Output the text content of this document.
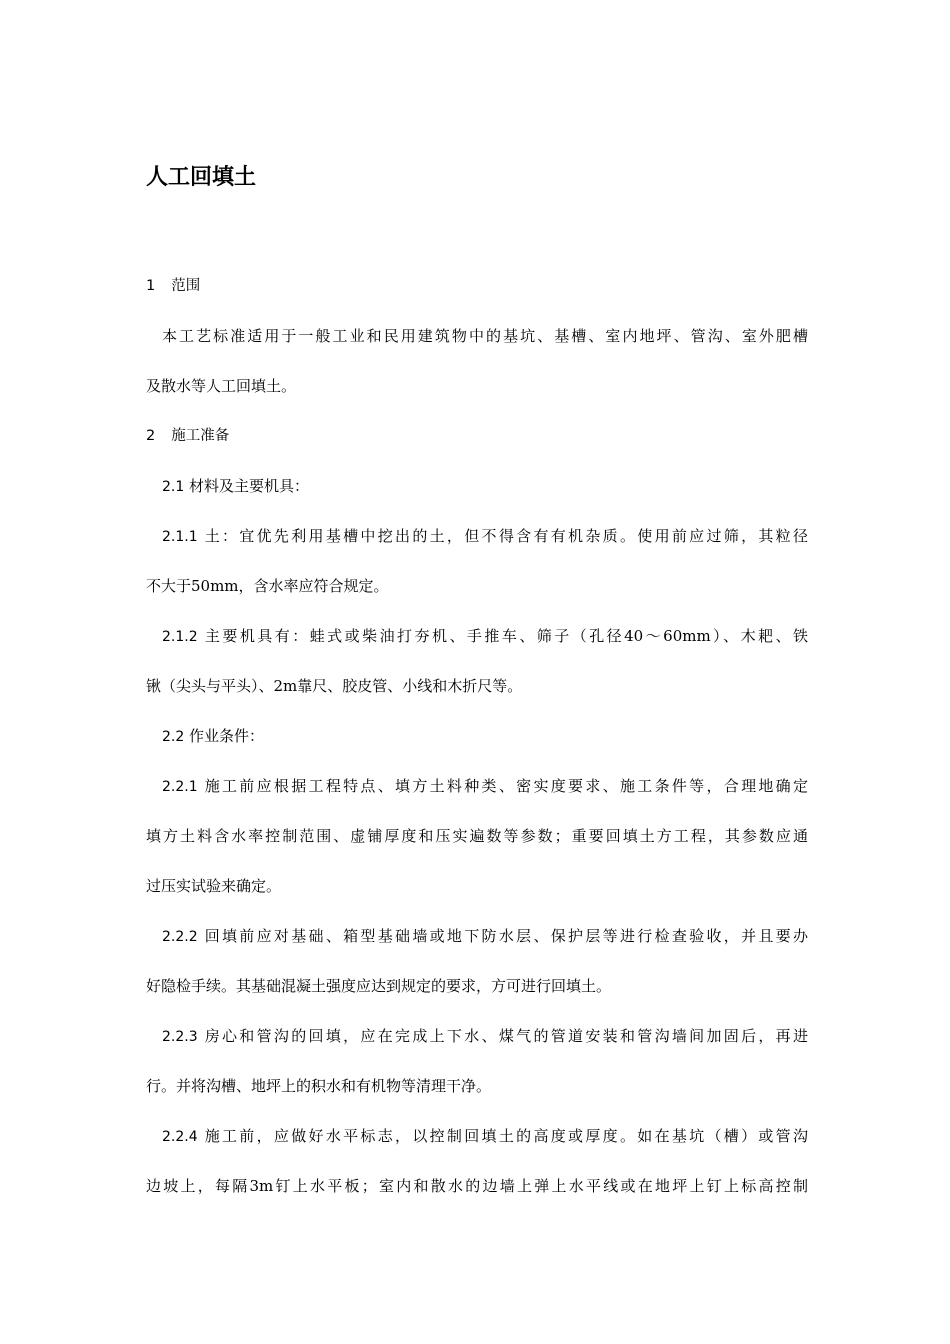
人工回填土
1 范围
本工艺标准适用于一般工业和民用建筑物中的基坑、基槽、室内地坪、管沟、室外肥槽
及散水等人工回填土。
2 施工准备
2.1 材料及主要机具：
2.1.1 土：宜优先利用基槽中挖出的土，但不得含有有机杂质。使用前应过筛，其粒径
不大于50mm，含水率应符合规定。
2.1.2 主要机具有：蛙式或柴油打夯机、手推车、筛子（孔径40～60mm）、木耙、铁
锹（尖头与平头）、2m靠尺、胶皮管、小线和木折尺等。
2.2 作业条件：
2.2.1 施工前应根据工程特点、填方土料种类、密实度要求、施工条件等，合理地确定
填方土料含水率控制范围、虚铺厚度和压实遍数等参数；重要回填土方工程，其参数应通
过压实试验来确定。
2.2.2 回填前应对基础、箱型基础墙或地下防水层、保护层等进行检查验收，并且要办
好隐检手续。其基础混凝土强度应达到规定的要求，方可进行回填土。
2.2.3 房心和管沟的回填，应在完成上下水、煤气的管道安装和管沟墙间加固后，再进
行。并将沟槽、地坪上的积水和有机物等清理干净。
2.2.4 施工前，应做好水平标志，以控制回填土的高度或厚度。如在基坑（槽）或管沟
边坡上，每隔3m钉上水平板；室内和散水的边墙上弹上水平线或在地坪上钉上标高控制
